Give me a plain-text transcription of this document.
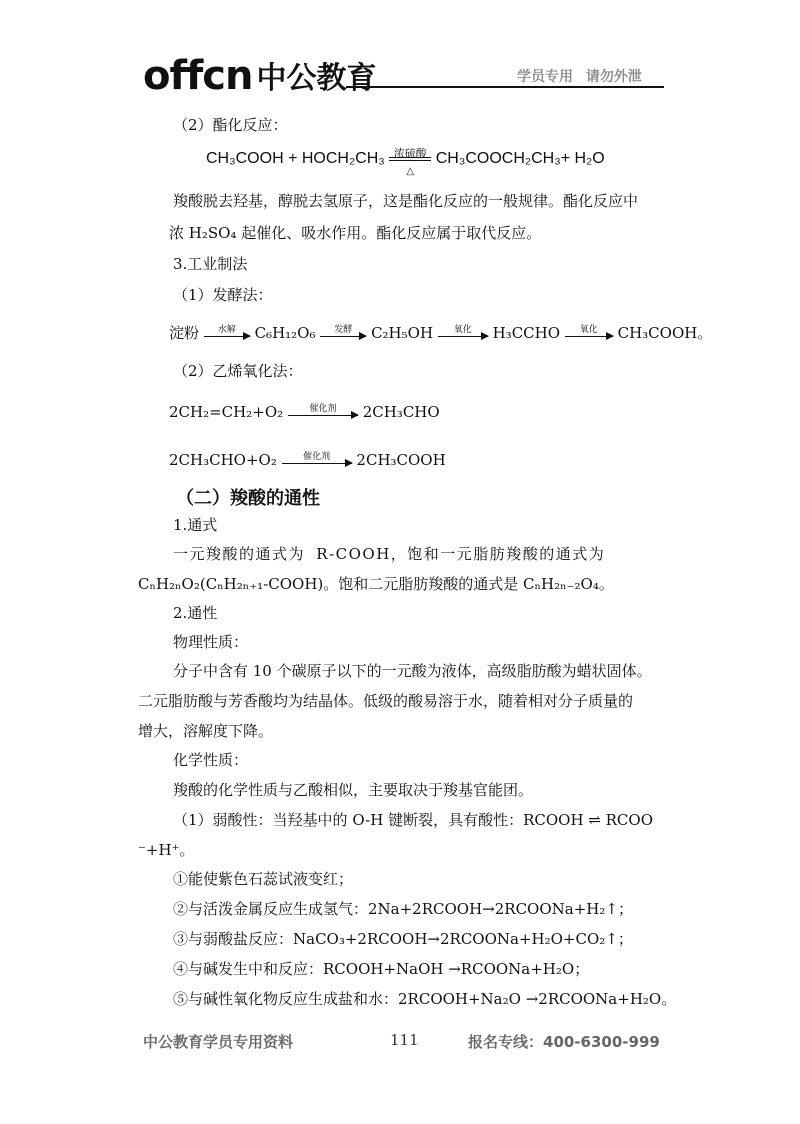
offcn 中公教育	学员专用 请勿外泄
（2）酯化反应：
CH₃COOH + HOCH₂CH₃ 浓硫酸
△
CH₃COOCH₂CH₃+ H₂O
羧酸脱去羟基，醇脱去氢原子，这是酯化反应的一般规律。酯化反应中
浓 H₂SO₄ 起催化、吸水作用。酯化反应属于取代反应。
3.工业制法
（1）发酵法：
淀粉	水解	C₆H₁₂O₆	发酵	C₂H₅OH	氧化	H₃CCHO	氧化	CH₃COOH。
（2）乙烯氧化法：
2CH₂=CH₂+O₂	催化剂	2CH₃CHO
2CH₃CHO+O₂	催化剂	2CH₃COOH
（二）羧酸的通性
1.通式
一元羧酸的通式为 R-COOH，饱和一元脂肪羧酸的通式为
CₙH₂ₙO₂(CₙH₂ₙ₊₁-COOH)。饱和二元脂肪羧酸的通式是 CₙH₂ₙ₋₂O₄。
2.通性
物理性质：
分子中含有 10 个碳原子以下的一元酸为液体，高级脂肪酸为蜡状固体。
二元脂肪酸与芳香酸均为结晶体。低级的酸易溶于水，随着相对分子质量的
增大，溶解度下降。
化学性质：
羧酸的化学性质与乙酸相似，主要取决于羧基官能团。
（1）弱酸性：当羟基中的 O-H 键断裂，具有酸性：RCOOH ⇌ RCOO
⁻+H⁺。
①能使紫色石蕊试液变红；
②与活泼金属反应生成氢气：2Na+2RCOOH→2RCOONa+H₂↑；
③与弱酸盐反应：NaCO₃+2RCOOH→2RCOONa+H₂O+CO₂↑；
④与碱发生中和反应：RCOOH+NaOH →RCOONa+H₂O；
⑤与碱性氧化物反应生成盐和水：2RCOOH+Na₂O →2RCOONa+H₂O。
中公教育学员专用资料	111	报名专线：400-6300-999
